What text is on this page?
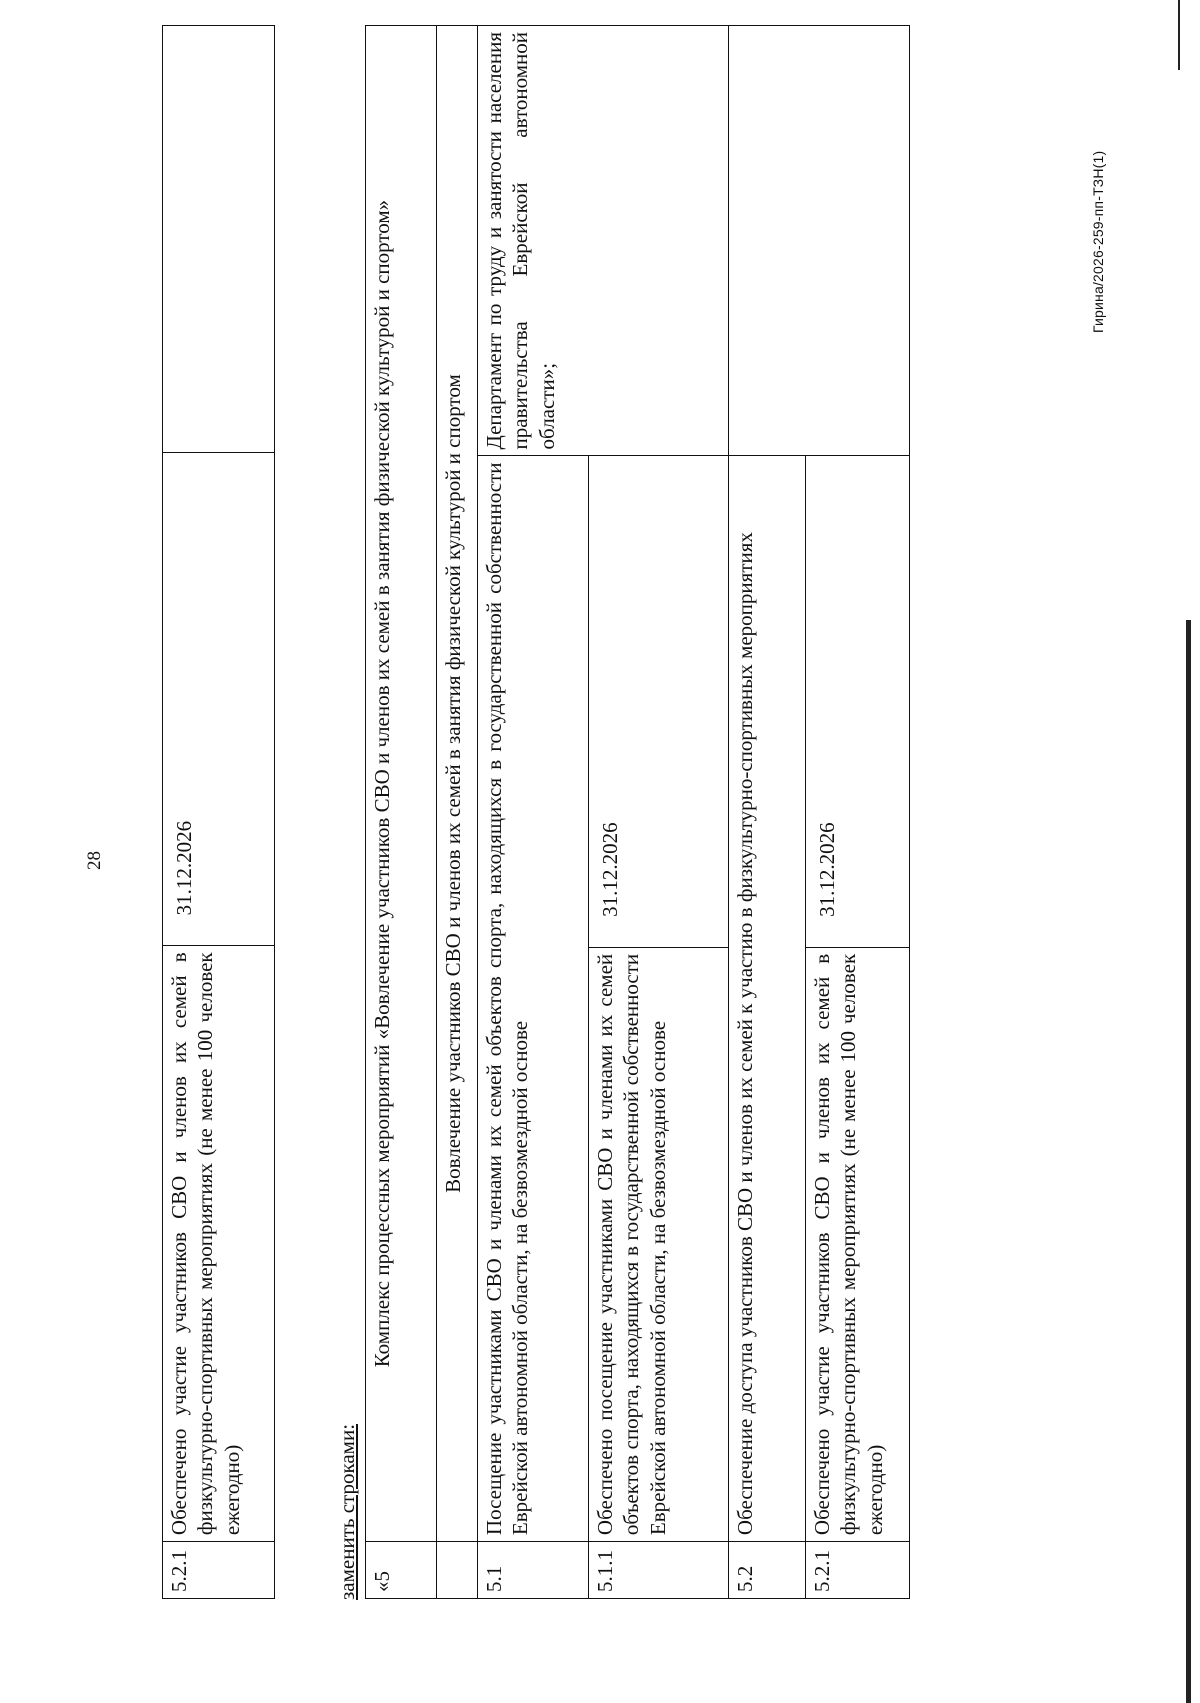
28
5.2.1	Обеспечено участие участников СВО и членов их семей в физкультурно-спортивных мероприятиях (не менее 100 человек ежегодно)	31.12.2026	
заменить строками: «5	Комплекс процессных мероприятий «Вовлечение участников СВО и членов их семей в занятия физической культурой и спортом»		
	Вовлечение участников СВО и членов их семей в занятия физической культурой и спортом		
5.1	Посещение участниками СВО и членами их семей объектов спорта, находящихся в государственной собственности Еврейской автономной области, на безвозмездной основе		Департамент по труду и занятости населения правительства Еврейской автономной области»;
5.1.1	Обеспечено посещение участниками СВО и членами их семей объектов спорта, находящихся в государственной собственности Еврейской автономной области, на безвозмездной основе	31.12.2026	
5.2	Обеспечение доступа участников СВО и членов их семей к участию в физкультурно-спортивных мероприятиях		
5.2.1	Обеспечено участие участников СВО и членов их семей в физкультурно-спортивных мероприятиях (не менее 100 человек ежегодно)	31.12.2026	
Гирина/2026-259-пп-ТЗН(1)
